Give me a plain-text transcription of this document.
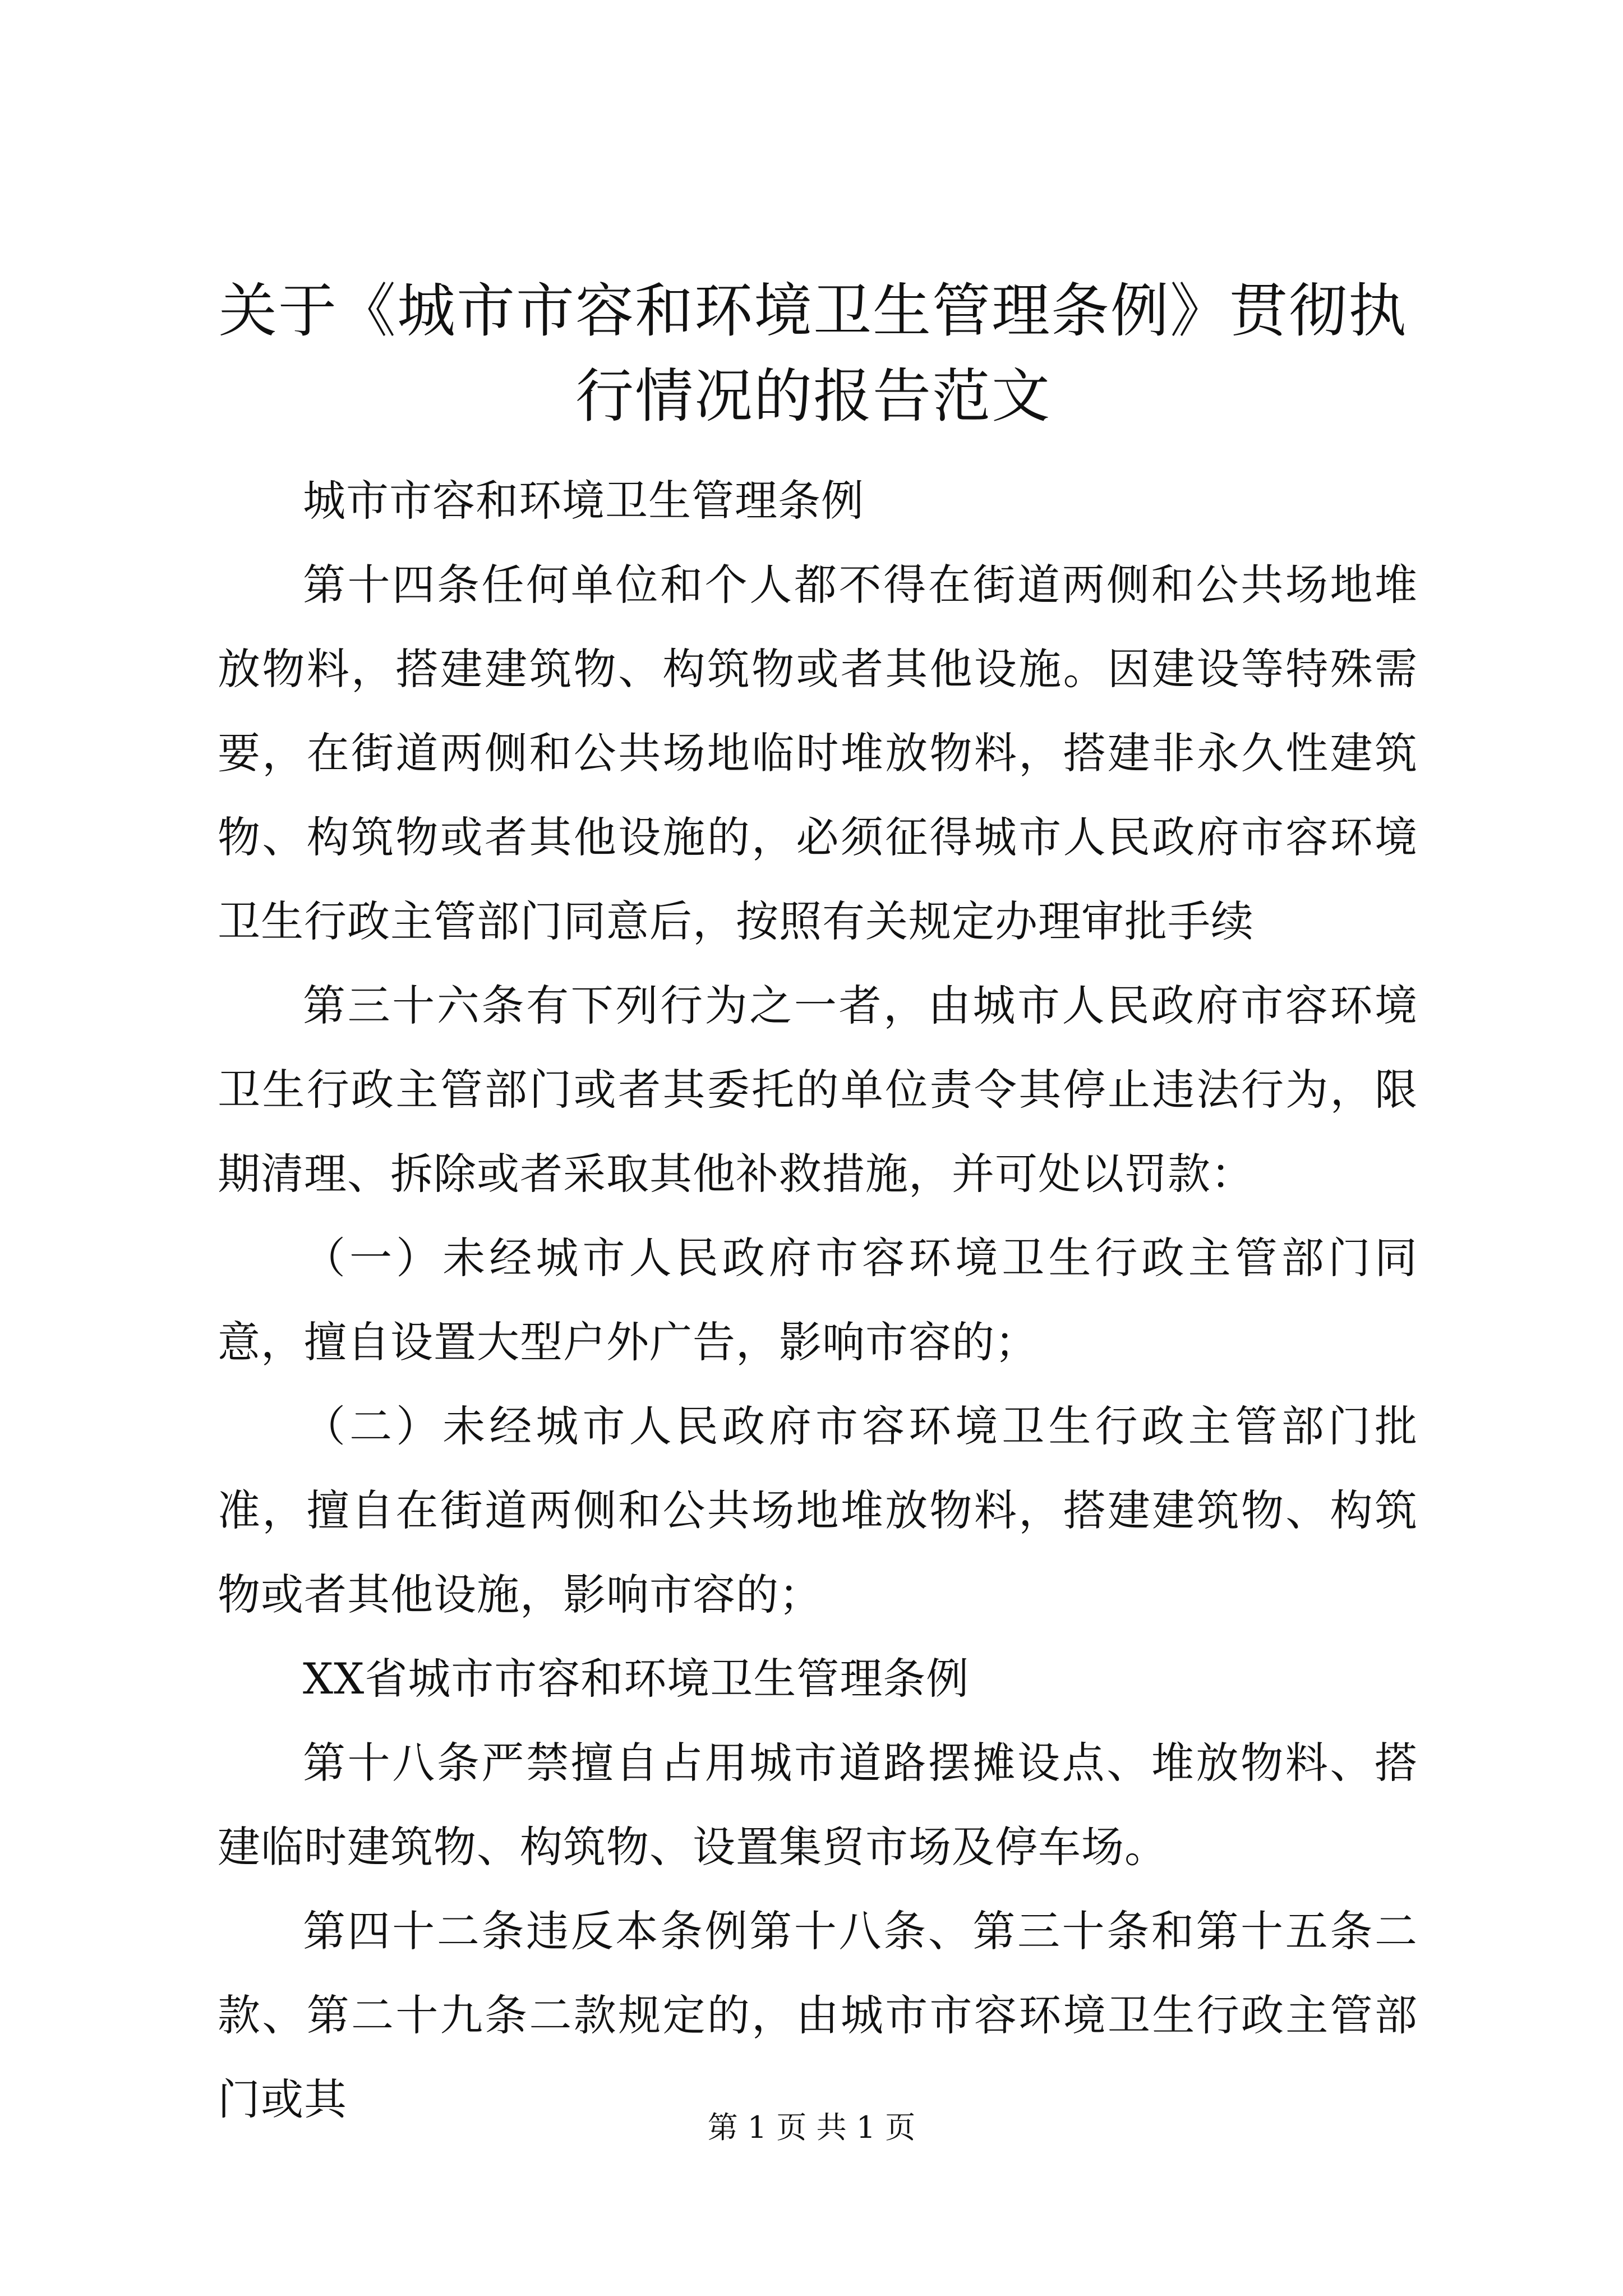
关于《城市市容和环境卫生管理条例》贯彻执行情况的报告范文

城市市容和环境卫生管理条例

第十四条任何单位和个人都不得在街道两侧和公共场地堆放物料，搭建建筑物、构筑物或者其他设施。因建设等特殊需要，在街道两侧和公共场地临时堆放物料，搭建非永久性建筑物、构筑物或者其他设施的，必须征得城市人民政府市容环境卫生行政主管部门同意后，按照有关规定办理审批手续

第三十六条有下列行为之一者，由城市人民政府市容环境卫生行政主管部门或者其委托的单位责令其停止违法行为，限期清理、拆除或者采取其他补救措施，并可处以罚款：

（一）未经城市人民政府市容环境卫生行政主管部门同意，擅自设置大型户外广告，影响市容的；

（二）未经城市人民政府市容环境卫生行政主管部门批准，擅自在街道两侧和公共场地堆放物料，搭建建筑物、构筑物或者其他设施，影响市容的；

XX省城市市容和环境卫生管理条例

第十八条严禁擅自占用城市道路摆摊设点、堆放物料、搭建临时建筑物、构筑物、设置集贸市场及停车场。

第四十二条违反本条例第十八条、第三十条和第十五条二款、第二十九条二款规定的，由城市市容环境卫生行政主管部门或其

第 1 页 共 1 页
